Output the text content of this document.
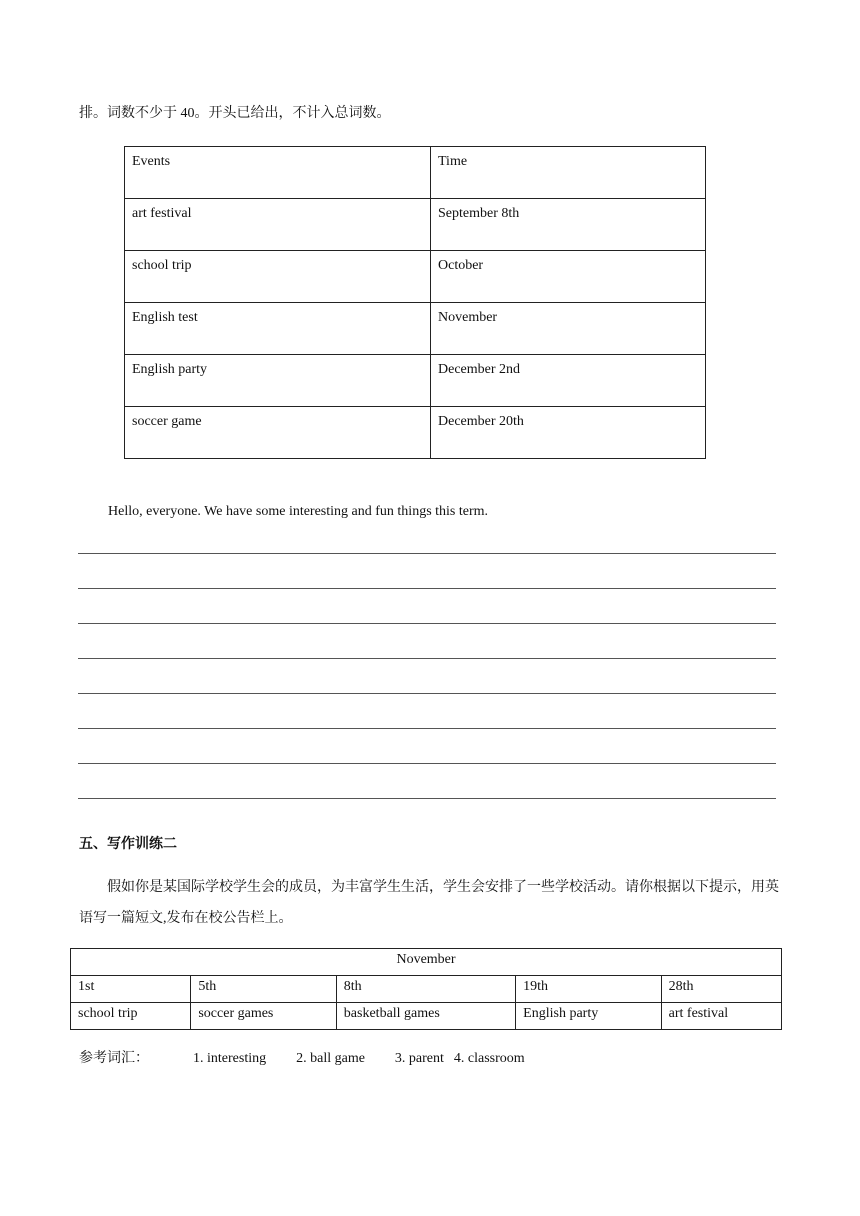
排。词数不少于 40。开头已给出，不计入总词数。
Events	Time
art festival	September 8th
school trip	October
English test	November
English party	December 2nd
soccer game	December 20th
Hello, everyone. We have some interesting and fun things this term.
五、写作训练二

假如你是某国际学校学生会的成员，为丰富学生生活，学生会安排了一些学校活动。请你根据以下提示，用英语写一篇短文,发布在校公告栏上。

November				
1st	5th	8th	19th	28th
school trip	soccer games	basketball games	English party	art festival
参考词汇：	1. interesting 2. ball game 3. parent 4. classroom
